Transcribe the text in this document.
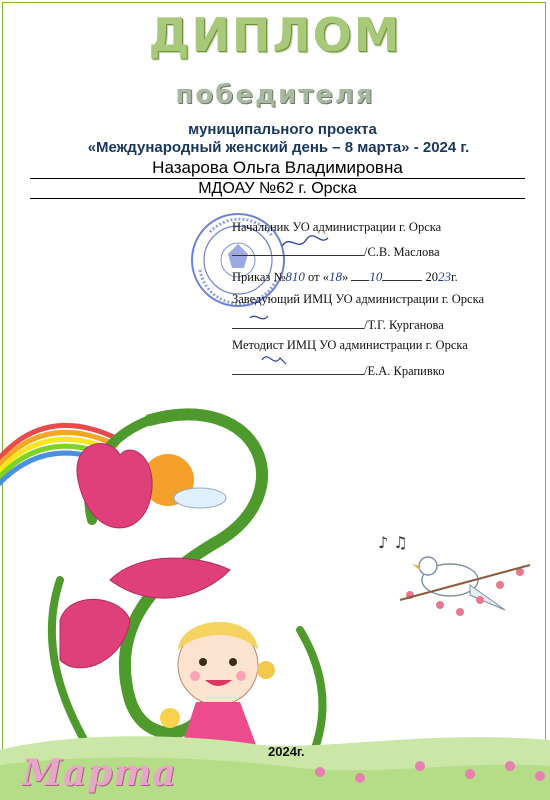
ДИПЛОМ
победителя
муниципального проекта
«Международный женский день – 8 марта» - 2024 г.
Назарова Ольга Владимировна
МДОАУ №62 г. Орска
Начальник УО администрации г. Орска
/С.В. Маслова
Приказ №810 от «18» 10	2023г.
Заведующий ИМЦ УО администрации г. Орска
/Т.Г. Курганова
Методист ИМЦ УО администрации г. Орска
/Е.А. Крапивко
♪ ♫
2024г.
Марта
